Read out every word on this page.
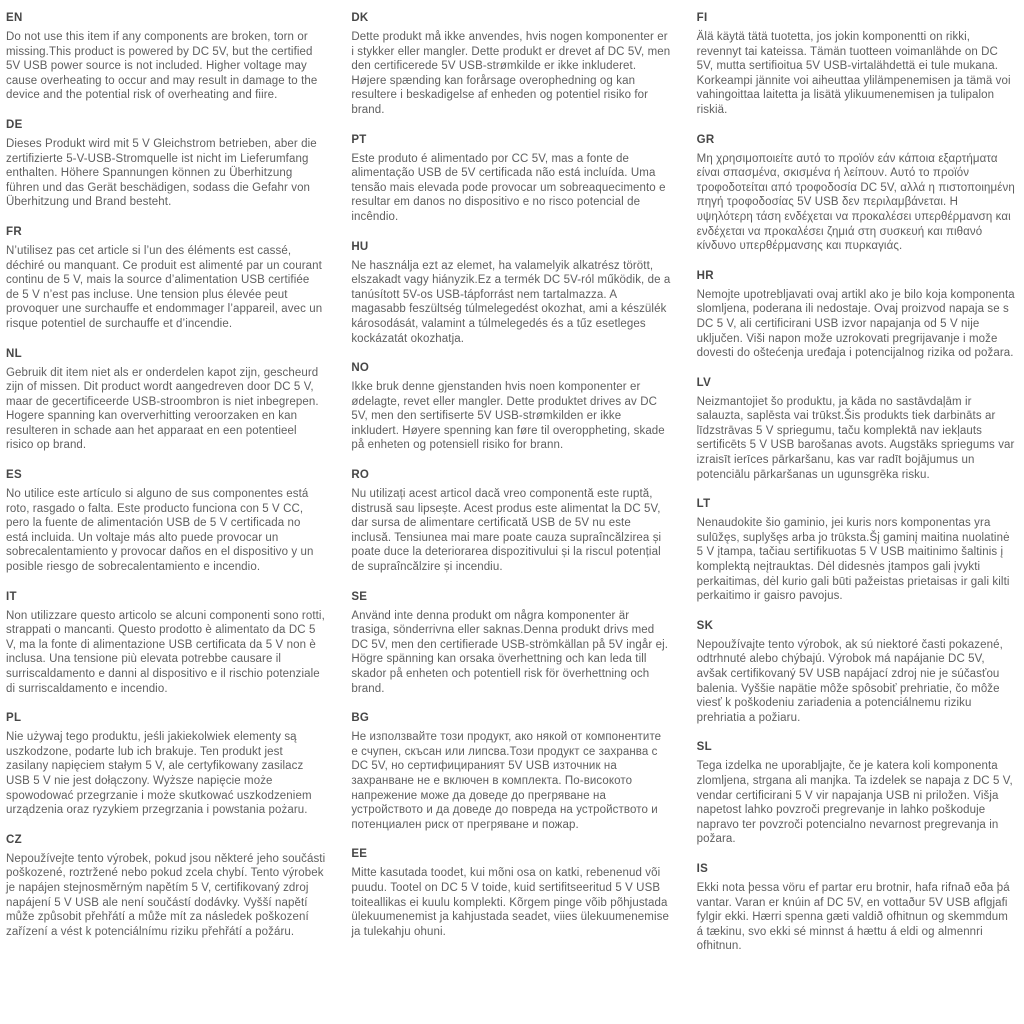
EN

Do not use this item if any components are broken, torn or missing.This product is powered by DC 5V, but the certified 5V USB power source is not included. Higher voltage may cause overheating to occur and may result in damage to the device and the potential risk of overheating and fiire.

DE

Dieses Produkt wird mit 5 V Gleichstrom betrieben, aber die zertifizierte 5-V-USB-Stromquelle ist nicht im Lieferumfang enthalten. Höhere Spannungen können zu Überhitzung führen und das Gerät beschädigen, sodass die Gefahr von Überhitzung und Brand besteht.

FR

N’utilisez pas cet article si l’un des éléments est cassé, déchiré ou manquant. Ce produit est alimenté par un courant continu de 5 V, mais la source d’alimentation USB certifiée de 5 V n’est pas incluse. Une tension plus élevée peut provoquer une surchauffe et endommager l’appareil, avec un risque potentiel de surchauffe et d’incendie.

NL

Gebruik dit item niet als er onderdelen kapot zijn, gescheurd zijn of missen. Dit product wordt aangedreven door DC 5 V, maar de gecertificeerde USB-stroombron is niet inbegrepen. Hogere spanning kan oververhitting veroorzaken en kan resulteren in schade aan het apparaat en een potentieel risico op brand.

ES

No utilice este artículo si alguno de sus componentes está roto, rasgado o falta. Este producto funciona con 5 V CC, pero la fuente de alimentación USB de 5 V certificada no está incluida. Un voltaje más alto puede provocar un sobrecalentamiento y provocar daños en el dispositivo y un posible riesgo de sobrecalentamiento e incendio.

IT

Non utilizzare questo articolo se alcuni componenti sono rotti, strappati o mancanti. Questo prodotto è alimentato da DC 5 V, ma la fonte di alimentazione USB certificata da 5 V non è inclusa. Una tensione più elevata potrebbe causare il surriscaldamento e danni al dispositivo e il rischio potenziale di surriscaldamento e incendio.

PL

Nie używaj tego produktu, jeśli jakiekolwiek elementy są uszkodzone, podarte lub ich brakuje. Ten produkt jest zasilany napięciem stałym 5 V, ale certyfikowany zasilacz USB 5 V nie jest dołączony. Wyższe napięcie może spowodować przegrzanie i może skutkować uszkodzeniem urządzenia oraz ryzykiem przegrzania i powstania pożaru.

CZ

Nepoužívejte tento výrobek, pokud jsou některé jeho součásti poškozené, roztržené nebo pokud zcela chybí. Tento výrobek je napájen stejnosměrným napětím 5 V, certifikovaný zdroj napájení 5 V USB ale není součástí dodávky. Vyšší napětí může způsobit přehřátí a může mít za následek poškození zařízení a vést k potenciálnímu riziku přehřátí a požáru.

DK

Dette produkt må ikke anvendes, hvis nogen komponenter er i stykker eller mangler. Dette produkt er drevet af DC 5V, men den certificerede 5V USB-strømkilde er ikke inkluderet. Højere spænding kan forårsage overophedning og kan resultere i beskadigelse af enheden og potentiel risiko for brand.

PT

Este produto é alimentado por CC 5V, mas a fonte de alimentação USB de 5V certificada não está incluída. Uma tensão mais elevada pode provocar um sobreaquecimento e resultar em danos no dispositivo e no risco potencial de incêndio.

HU

Ne használja ezt az elemet, ha valamelyik alkatrész törött, elszakadt vagy hiányzik.Ez a termék DC 5V-ról működik, de a tanúsított 5V-os USB-tápforrást nem tartalmazza. A magasabb feszültség túlmelegedést okozhat, ami a készülék károsodását, valamint a túlmelegedés és a tűz esetleges kockázatát okozhatja.

NO

Ikke bruk denne gjenstanden hvis noen komponenter er ødelagte, revet eller mangler. Dette produktet drives av DC 5V, men den sertifiserte 5V USB-strømkilden er ikke inkludert. Høyere spenning kan føre til overoppheting, skade på enheten og potensiell risiko for brann.

RO

Nu utilizați acest articol dacă vreo componentă este ruptă, distrusă sau lipsește. Acest produs este alimentat la DC 5V, dar sursa de alimentare certificată USB de 5V nu este inclusă. Tensiunea mai mare poate cauza supraîncălzirea și poate duce la deteriorarea dispozitivului și la riscul potențial de supraîncălzire și incendiu.

SE

Använd inte denna produkt om några komponenter är trasiga, sönderrivna eller saknas.Denna produkt drivs med DC 5V, men den certifierade USB-strömkällan på 5V ingår ej. Högre spänning kan orsaka överhettning och kan leda till skador på enheten och potentiell risk för överhettning och brand.

BG

Не използвайте този продукт, ако някой от компонентите е счупен, скъсан или липсва.Този продукт се захранва с DC 5V, но сертифицираният 5V USB източник на захранване не е включен в комплекта. По-високото напрежение може да доведе до прегряване на устройството и да доведе до повреда на устройството и потенциален риск от прегряване и пожар.

EE

Mitte kasutada toodet, kui mõni osa on katki, rebenenud või puudu. Tootel on DC 5 V toide, kuid sertifitseeritud 5 V USB toiteallikas ei kuulu komplekti. Kõrgem pinge võib põhjustada ülekuumenemist ja kahjustada seadet, viies ülekuumenemise ja tulekahju ohuni.

FI

Älä käytä tätä tuotetta, jos jokin komponentti on rikki, revennyt tai kateissa. Tämän tuotteen voimanlähde on DC 5V, mutta sertifioitua 5V USB-virtalähdettä ei tule mukana. Korkeampi jännite voi aiheuttaa ylilämpenemisen ja tämä voi vahingoittaa laitetta ja lisätä ylikuumenemisen ja tulipalon riskiä.

GR

Μη χρησιμοποιείτε αυτό το προϊόν εάν κάποια εξαρτήματα είναι σπασμένα, σκισμένα ή λείπουν. Αυτό το προϊόν τροφοδοτείται από τροφοδοσία DC 5V, αλλά η πιστοποιημένη πηγή τροφοδοσίας 5V USB δεν περιλαμβάνεται. Η υψηλότερη τάση ενδέχεται να προκαλέσει υπερθέρμανση και ενδέχεται να προκαλέσει ζημιά στη συσκευή και πιθανό κίνδυνο υπερθέρμανσης και πυρκαγιάς.

HR

Nemojte upotrebljavati ovaj artikl ako je bilo koja komponenta slomljena, poderana ili nedostaje. Ovaj proizvod napaja se s DC 5 V, ali certificirani USB izvor napajanja od 5 V nije uključen. Viši napon može uzrokovati pregrijavanje i može dovesti do oštećenja uređaja i potencijalnog rizika od požara.

LV

Neizmantojiet šo produktu, ja kāda no sastāvdaļām ir salauzta, saplēsta vai trūkst.Šis produkts tiek darbināts ar līdzstrāvas 5 V spriegumu, taču komplektā nav iekļauts sertificēts 5 V USB barošanas avots. Augstāks spriegums var izraisīt ierīces pārkaršanu, kas var radīt bojājumus un potenciālu pārkaršanas un ugunsgrēka risku.

LT

Nenaudokite šio gaminio, jei kuris nors komponentas yra sulūžęs, suplyšęs arba jo trūksta.Šį gaminį maitina nuolatinė 5 V įtampa, tačiau sertifikuotas 5 V USB maitinimo šaltinis į komplektą neįtrauktas. Dėl didesnės įtampos gali įvykti perkaitimas, dėl kurio gali būti pažeistas prietaisas ir gali kilti perkaitimo ir gaisro pavojus.

SK

Nepoužívajte tento výrobok, ak sú niektoré časti pokazené, odtrhnuté alebo chýbajú. Výrobok má napájanie DC 5V, avšak certifikovaný 5V USB napájací zdroj nie je súčasťou balenia. Vyššie napätie môže spôsobiť prehriatie, čo môže viesť k poškodeniu zariadenia a potenciálnemu riziku prehriatia a požiaru.

SL

Tega izdelka ne uporabljajte, če je katera koli komponenta zlomljena, strgana ali manjka. Ta izdelek se napaja z DC 5 V, vendar certificirani 5 V vir napajanja USB ni priložen. Višja napetost lahko povzroči pregrevanje in lahko poškoduje napravo ter povzroči potencialno nevarnost pregrevanja in požara.

IS

Ekki nota þessa vöru ef partar eru brotnir, hafa rifnað eða þá vantar. Varan er knúin af DC 5V, en vottaður 5V USB aflgjafi fylgir ekki. Hærri spenna gæti valdið ofhitnun og skemmdum á tækinu, svo ekki sé minnst á hættu á eldi og almennri ofhitnun.
